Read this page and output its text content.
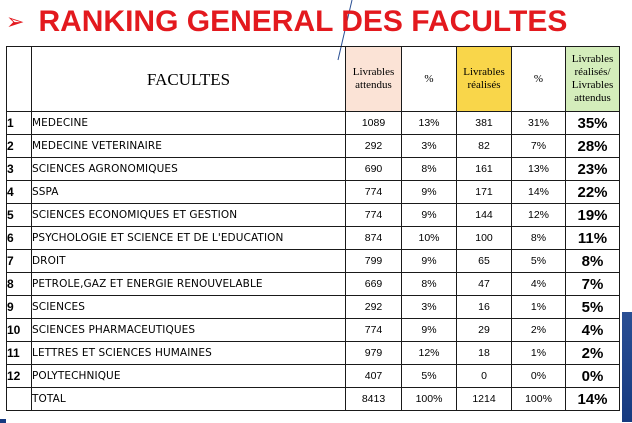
➢ RANKING GENERAL DES FACULTES
	FACULTES	Livrables attendus	%	Livrables réalisés	%	Livrables réalisés/ Livrables attendus
1	MEDECINE	1089	13%	381	31%	35%
2	MEDECINE VETERINAIRE	292	3%	82	7%	28%
3	SCIENCES AGRONOMIQUES	690	8%	161	13%	23%
4	SSPA	774	9%	171	14%	22%
5	SCIENCES ECONOMIQUES ET GESTION	774	9%	144	12%	19%
6	PSYCHOLOGIE ET SCIENCE ET DE L'EDUCATION	874	10%	100	8%	11%
7	DROIT	799	9%	65	5%	8%
8	PETROLE,GAZ ET ENERGIE RENOUVELABLE	669	8%	47	4%	7%
9	SCIENCES	292	3%	16	1%	5%
10	SCIENCES PHARMACEUTIQUES	774	9%	29	2%	4%
11	LETTRES ET SCIENCES HUMAINES	979	12%	18	1%	2%
12	POLYTECHNIQUE	407	5%	0	0%	0%
	TOTAL	8413	100%	1214	100%	14%
